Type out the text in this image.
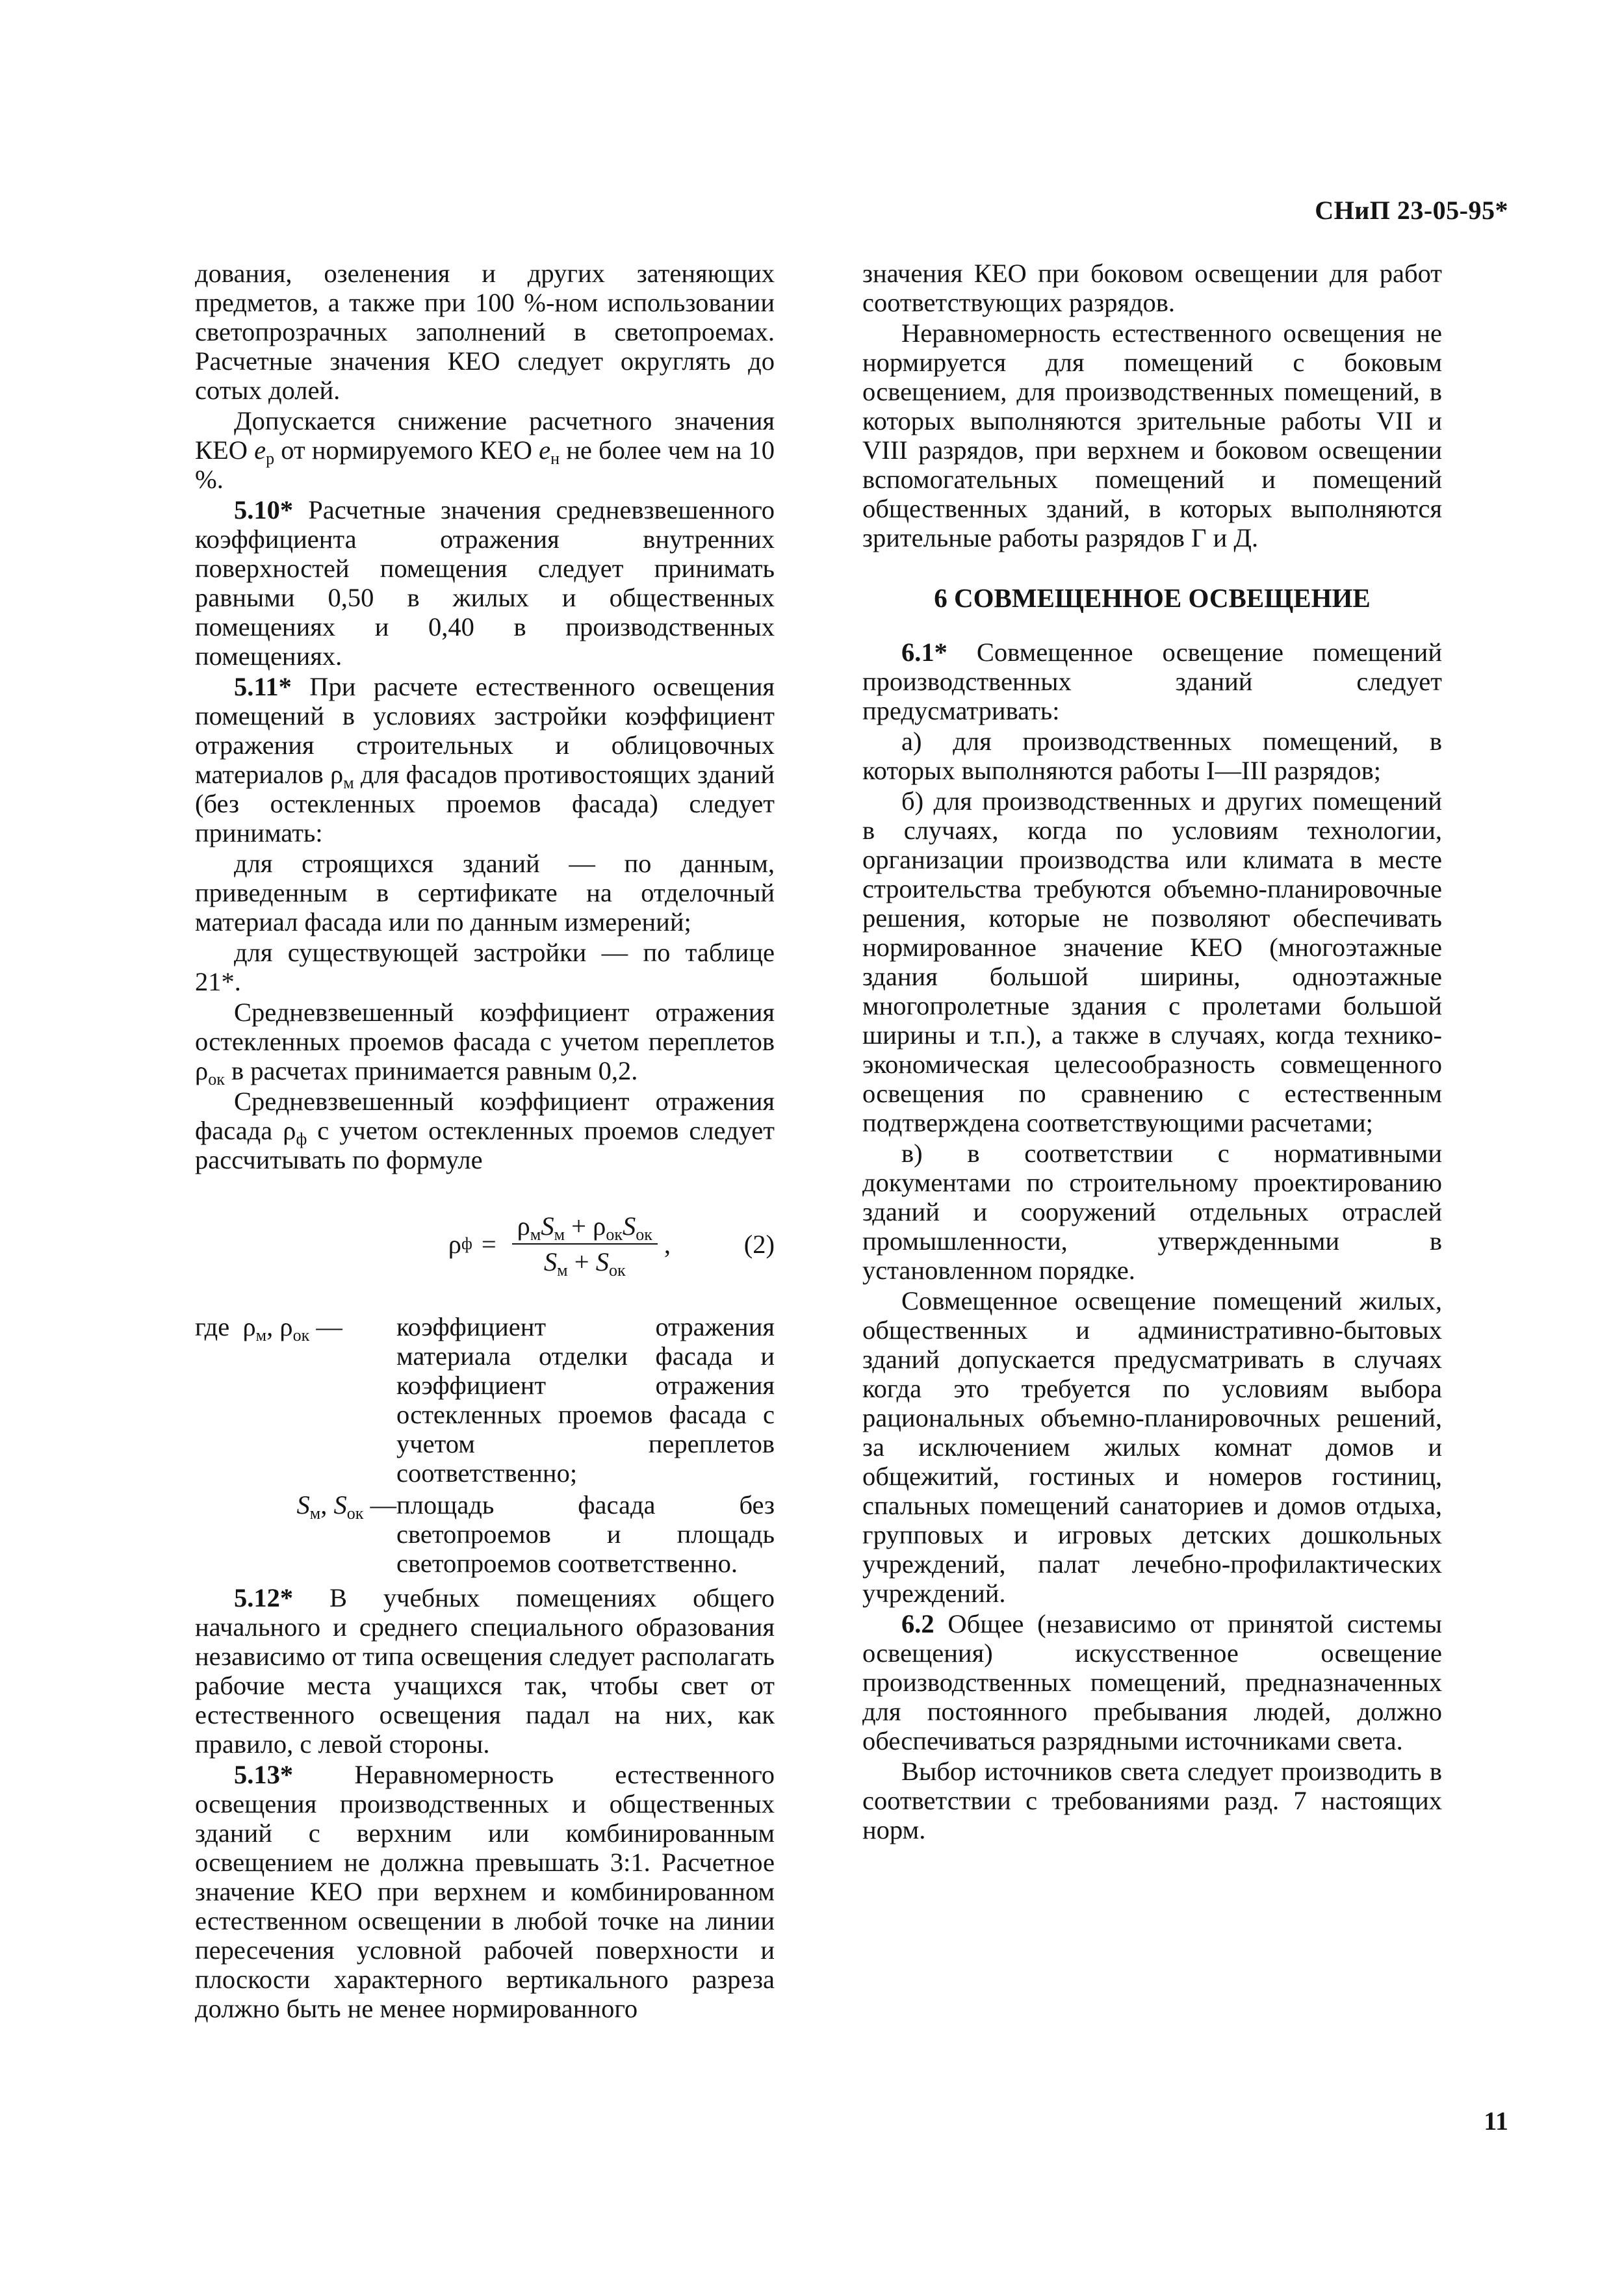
СНиП 23-05-95*

дования, озеленения и других затеняющих предметов, а также при 100 %-ном использовании светопрозрачных заполнений в светопроемах. Расчетные значения КЕО следует округлять до сотых долей.

Допускается снижение расчетного значения КЕО $e_р$ от нормируемого КЕО $e_н$ не более чем на 10 %.

5.10* Расчетные значения средневзвешенного коэффициента отражения внутренних поверхностей помещения следует принимать равными 0,50 в жилых и общественных помещениях и 0,40 в производственных помещениях.

5.11* При расчете естественного освещения помещений в условиях застройки коэффициент отражения строительных и облицовочных материалов $\rho_м$ для фасадов противостоящих зданий (без остекленных проемов фасада) следует принимать:

для строящихся зданий — по данным, приведенным в сертификате на отделочный материал фасада или по данным измерений;

для существующей застройки — по таблице 21*.

Средневзвешенный коэффициент отражения остекленных проемов фасада с учетом переплетов $\rho_{ок}$ в расчетах принимается равным 0,2.

Средневзвешенный коэффициент отражения фасада $\rho_ф$ с учетом остекленных проемов следует рассчитывать по формуле

ρ $ф = \frac{\rho_мS_м + \rho_{ок}S_{ок}}{S_м + S_{ок}}$ ,	(2)
где $\rho_м$, $\rho_{ок}$ —	коэффициент отражения материала отделки фасада и коэффициент отражения остекленных проемов фасада с учетом переплетов соответственно;
$S_м$, $S_{ок}$ — площадь фасада без светопроемов и площадь светопроемов соответственно.

5.12* В учебных помещениях общего начального и среднего специального образования независимо от типа освещения следует располагать рабочие места учащихся так, чтобы свет от естественного освещения падал на них, как правило, с левой стороны.

5.13* Неравномерность естественного освещения производственных и общественных зданий с верхним или комбинированным освещением не должна превышать 3:1. Расчетное значение КЕО при верхнем и комбинированном естественном освещении в любой точке на линии пересечения условной рабочей поверхности и плоскости характерного вертикального разреза должно быть не менее нормированного

значения КЕО при боковом освещении для работ соответствующих разрядов.

Неравномерность естественного освещения не нормируется для помещений с боковым освещением, для производственных помещений, в которых выполняются зрительные работы VII и VIII разрядов, при верхнем и боковом освещении вспомогательных помещений и помещений общественных зданий, в которых выполняются зрительные работы разрядов Г и Д.

6 СОВМЕЩЕННОЕ ОСВЕЩЕНИЕ

6.1* Совмещенное освещение помещений производственных зданий следует предусматривать:

а) для производственных помещений, в которых выполняются работы I—III разрядов;

б) для производственных и других помещений в случаях, когда по условиям технологии, организации производства или климата в месте строительства требуются объемно-планировочные решения, которые не позволяют обеспечивать нормированное значение КЕО (многоэтажные здания большой ширины, одноэтажные многопролетные здания с пролетами большой ширины и т.п.), а также в случаях, когда технико-экономическая целесообразность совмещенного освещения по сравнению с естественным подтверждена соответствующими расчетами;

в) в соответствии с нормативными документами по строительному проектированию зданий и сооружений отдельных отраслей промышленности, утвержденными в установленном порядке.

Совмещенное освещение помещений жилых, общественных и административно-бытовых зданий допускается предусматривать в случаях когда это требуется по условиям выбора рациональных объемно-планировочных решений, за исключением жилых комнат домов и общежитий, гостиных и номеров гостиниц, спальных помещений санаториев и домов отдыха, групповых и игровых детских дошкольных учреждений, палат лечебно-профилактических учреждений.

6.2 Общее (независимо от принятой системы освещения) искусственное освещение производственных помещений, предназначенных для постоянного пребывания людей, должно обеспечиваться разрядными источниками света.

Выбор источников света следует производить в соответствии с требованиями разд. 7 настоящих норм.

11
